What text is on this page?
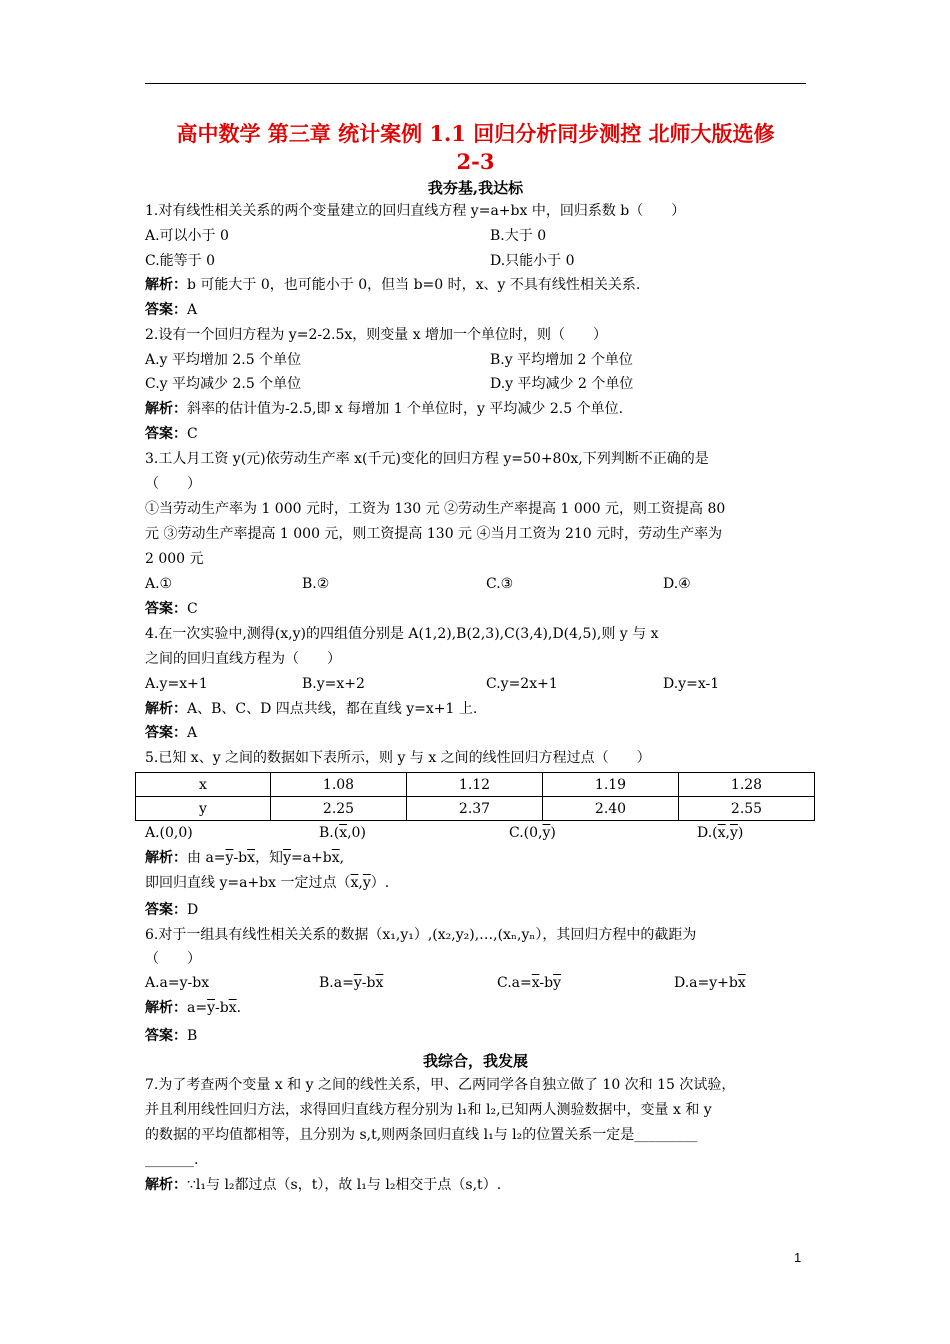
高中数学 第三章 统计案例 1.1 回归分析同步测控 北师大版选修
2-3
我夯基,我达标
1.对有线性相关关系的两个变量建立的回归直线方程 y=a+bx 中，回归系数 b（　　）
A.可以小于 0	B.大于 0
C.能等于 0	D.只能小于 0
解析：b 可能大于 0，也可能小于 0，但当 b=0 时，x、y 不具有线性相关关系.
答案：A
2.设有一个回归方程为 y=2-2.5x，则变量 x 增加一个单位时，则（　　）
A.y 平均增加 2.5 个单位	B.y 平均增加 2 个单位
C.y 平均减少 2.5 个单位	D.y 平均减少 2 个单位
解析：斜率的估计值为-2.5,即 x 每增加 1 个单位时，y 平均减少 2.5 个单位.
答案：C
3.工人月工资 y(元)依劳动生产率 x(千元)变化的回归方程 y=50+80x,下列判断不正确的是
（　　）
①当劳动生产率为 1 000 元时，工资为 130 元 ②劳动生产率提高 1 000 元，则工资提高 80
元 ③劳动生产率提高 1 000 元，则工资提高 130 元 ④当月工资为 210 元时，劳动生产率为
2 000 元
A.①	B.②	C.③	D.④
答案：C
4.在一次实验中,测得(x,y)的四组值分别是 A(1,2),B(2,3),C(3,4),D(4,5),则 y 与 x
之间的回归直线方程为（　　）
A.y=x+1	B.y=x+2	C.y=2x+1	D.y=x-1
解析：A、B、C、D 四点共线，都在直线 y=x+1 上.
答案：A
5.已知 x、y 之间的数据如下表所示，则 y 与 x 之间的线性回归方程过点（　　）
x	1.08	1.12	1.19	1.28
y	2.25	2.37	2.40	2.55
A.(0,0)	$B.(\overline{x},0)$	$C.(0,\overline{y})$	$D.(\overline{x},\overline{y})$
解析：由 $a=\overline{y}-b\overline{x}$，知$\overline{y}=a+b\overline{x}$,
即回归直线 y=a+bx 一定过点$(\overline{x},\overline{y})$.
答案：D
6.对于一组具有线性相关关系的数据（x₁,y₁）,(x₂,y₂),…,(xₙ,yₙ），其回归方程中的截距为
（　　）
A.a=y-bx	$B.a=\overline{y}-b\overline{x}$	$C.a=\overline{x}-b\overline{y}$	$D.a=y+b\overline{x}$
解析：$a=\overline{y}-b\overline{x}$.
答案：B
我综合，我发展
7.为了考查两个变量 x 和 y 之间的线性关系，甲、乙两同学各自独立做了 10 次和 15 次试验，
并且利用线性回归方法，求得回归直线方程分别为 l₁和 l₂,已知两人测验数据中，变量 x 和 y
的数据的平均值都相等，且分别为 s,t,则两条回归直线 l₁与 l₂的位置关系一定是_________
_______.
解析：∵l₁与 l₂都过点（s，t），故 l₁与 l₂相交于点（s,t）.
1
